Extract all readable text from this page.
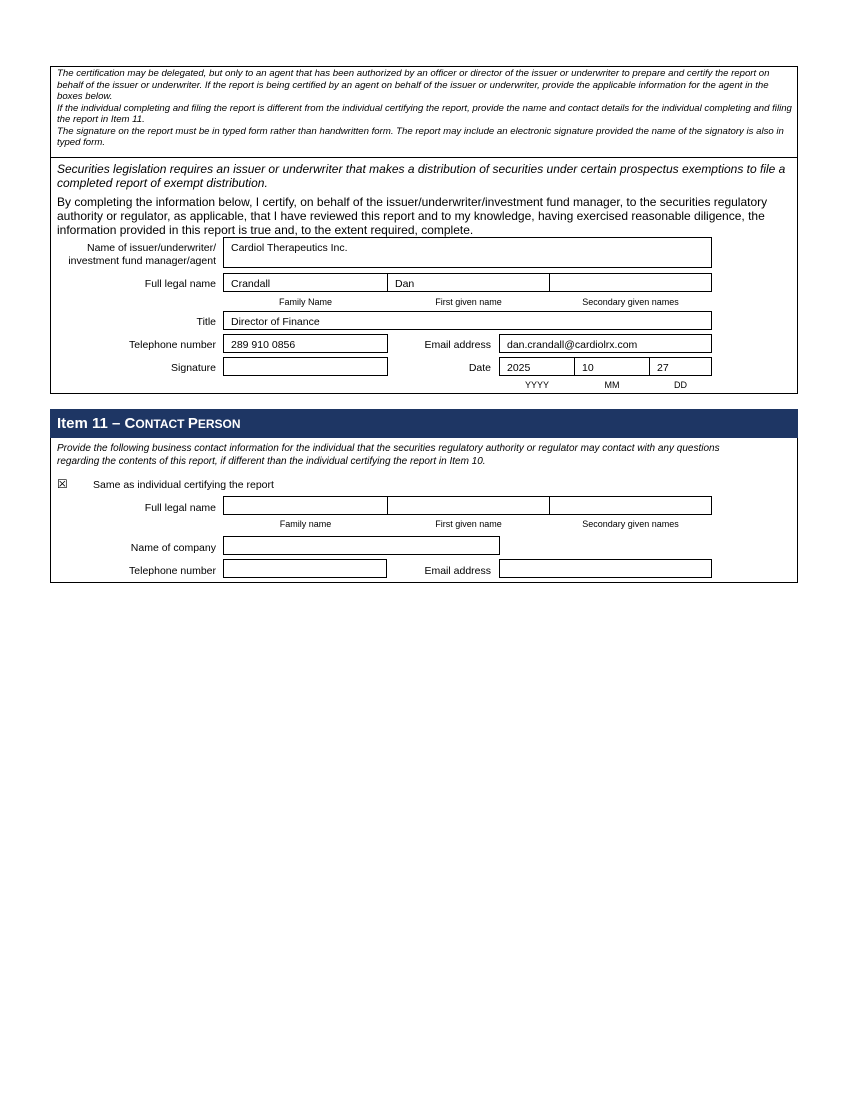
The certification may be delegated, but only to an agent that has been authorized by an officer or director of the issuer or underwriter to prepare and certify the report on behalf of the issuer or underwriter. If the report is being certified by an agent on behalf of the issuer or underwriter, provide the applicable information for the agent in the boxes below.

If the individual completing and filing the report is different from the individual certifying the report, provide the name and contact details for the individual completing and filing the report in Item 11.

The signature on the report must be in typed form rather than handwritten form. The report may include an electronic signature provided the name of the signatory is also in typed form.

Securities legislation requires an issuer or underwriter that makes a distribution of securities under certain prospectus exemptions to file a completed report of exempt distribution.
By completing the information below, I certify, on behalf of the issuer/underwriter/investment fund manager, to the securities regulatory authority or regulator, as applicable, that I have reviewed this report and to my knowledge, having exercised reasonable diligence, the information provided in this report is true and, to the extent required, complete.
Name of issuer/underwriter/
investment fund manager/agent
Cardiol Therapeutics Inc.
Full legal name	Crandall	Dan
Family Name	First given name	Secondary given names
Title	Director of Finance
Telephone number	289 910 0856	Email address	dan.crandall@cardiolrx.com
Signature	Date	2025	10	27
YYYY	MM	DD
Item 11 – CONTACT PERSON
Provide the following business contact information for the individual that the securities regulatory authority or regulator may contact with any questions regarding the contents of this report, if different than the individual certifying the report in Item 10.
☒ Same as individual certifying the report
Full legal name
Family name	First given name	Secondary given names
Name of company
Telephone number	Email address
